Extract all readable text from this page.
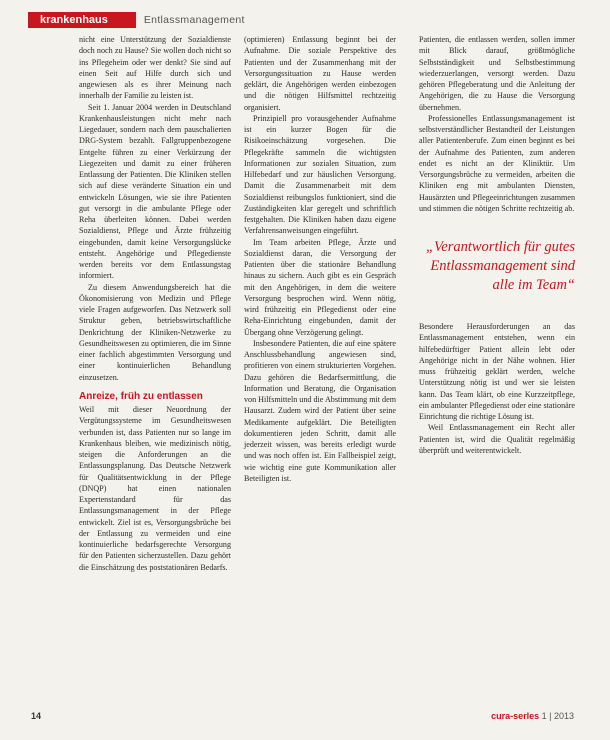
krankenhaus	Entlassmanagement

nicht eine Unterstützung der Sozialdienste doch noch zu Hause? Sie wollen doch nicht so ins Pflegeheim oder wer denkt? Sie sind auf einen Seit auf Hilfe durch sich und angewiesen als es ihrer Meinung nach innerhalb der Familie zu leisten ist.

Seit 1. Januar 2004 werden in Deutschland Krankenhausleistungen nicht mehr nach Liegedauer, sondern nach dem pauschalierten DRG-System bezahlt. Fallgruppenbezogene Entgelte führen zu einer Verkürzung der Liegezeiten und damit zu einer früheren Entlassung der Patienten. Die Kliniken stellen sich auf diese veränderte Situation ein und entwickeln Lösungen, wie sie ihre Patienten gut versorgt in die ambulante Pflege oder Reha überleiten können. Dabei werden Sozialdienst, Pflege und Ärzte frühzeitig eingebunden, damit keine Versorgungslücke entsteht. Angehörige und Pflegedienste werden bereits vor dem Entlassungstag informiert.

Zu diesem Anwendungsbereich hat die Ökonomisierung von Medizin und Pflege viele Fragen aufgeworfen. Das Netzwerk soll Struktur geben, betriebswirtschaftliche Denkrichtung der Kliniken-Netzwerke zu Gesundheitswesen zu optimieren, die im Sinne einer fachlich abgestimmten Versorgung und einer kontinuierlichen Behandlung einzusetzen.

Anreize, früh zu entlassen

Weil mit dieser Neuordnung der Vergütungssysteme im Gesundheitswesen verbunden ist, dass Patienten nur so lange im Krankenhaus bleiben, wie medizinisch nötig, steigen die Anforderungen an die Entlassungsplanung. Das Deutsche Netzwerk für Qualitätsentwicklung in der Pflege (DNQP) hat einen nationalen Expertenstandard für das Entlassungsmanagement in der Pflege entwickelt. Ziel ist es, Versorgungsbrüche bei der Entlassung zu vermeiden und eine kontinuierliche bedarfsgerechte Versorgung für den Patienten sicherzustellen. Dazu gehört die Einschätzung des poststationären Bedarfs.

(optimieren) Entlassung beginnt bei der Aufnahme. Die soziale Perspektive des Patienten und der Zusammenhang mit der Versorgungssituation zu Hause werden geklärt, die Angehörigen werden einbezogen und die nötigen Hilfsmittel rechtzeitig organisiert.

Prinzipiell pro vorausgehender Aufnahme ist ein kurzer Bogen für die Risikoeinschätzung vorgesehen. Die Pflegekräfte sammeln die wichtigsten Informationen zur sozialen Situation, zum Hilfebedarf und zur häuslichen Versorgung. Damit die Zusammenarbeit mit dem Sozialdienst reibungslos funktioniert, sind die Zuständigkeiten klar geregelt und schriftlich festgehalten. Die Kliniken haben dazu eigene Verfahrensanweisungen eingeführt.

Im Team arbeiten Pflege, Ärzte und Sozialdienst daran, die Versorgung der Patienten über die stationäre Behandlung hinaus zu sichern. Auch gibt es ein Gespräch mit den Angehörigen, in dem die weitere Versorgung besprochen wird. Wenn nötig, wird frühzeitig ein Pflegedienst oder eine Reha-Einrichtung eingebunden, damit der Übergang ohne Verzögerung gelingt.

Insbesondere Patienten, die auf eine spätere Anschlussbehandlung angewiesen sind, profitieren von einem strukturierten Vorgehen. Dazu gehören die Bedarfsermittlung, die Information und Beratung, die Organisation von Hilfsmitteln und die Abstimmung mit dem Hausarzt. Zudem wird der Patient über seine Medikamente aufgeklärt. Die Beteiligten dokumentieren jeden Schritt, damit alle jederzeit wissen, was bereits erledigt wurde und was noch offen ist. Ein Fallbeispiel zeigt, wie wichtig eine gute Kommunikation aller Beteiligten ist.

Patienten, die entlassen werden, sollen immer mit Blick darauf, größtmögliche Selbstständigkeit und Selbstbestimmung wiederzuerlangen, versorgt werden. Dazu gehören Pflegeberatung und die Anleitung der Angehörigen, die zu Hause die Versorgung übernehmen.

Professionelles Entlassungsmanagement ist selbstverständlicher Bestandteil der Leistungen aller Patientenberufe. Zum einen beginnt es bei der Aufnahme des Patienten, zum anderen endet es nicht an der Kliniktür. Um Versorgungsbrüche zu vermeiden, arbeiten die Kliniken eng mit ambulanten Diensten, Hausärzten und Pflegeeinrichtungen zusammen und stimmen die nötigen Schritte rechtzeitig ab.

„Verantwortlich für gutes Entlassmanagement sind alle im Team“

Besondere Herausforderungen an das Entlassmanagement entstehen, wenn ein hilfebedürftiger Patient allein lebt oder Angehörige nicht in der Nähe wohnen. Hier muss frühzeitig geklärt werden, welche Unterstützung nötig ist und wer sie leisten kann. Das Team klärt, ob eine Kurzzeitpflege, ein ambulanter Pflegedienst oder eine stationäre Einrichtung die richtige Lösung ist.

Weil Entlassmanagement ein Recht aller Patienten ist, wird die Qualität regelmäßig überprüft und weiterentwickelt.

14	cura-serles 1 | 2013
